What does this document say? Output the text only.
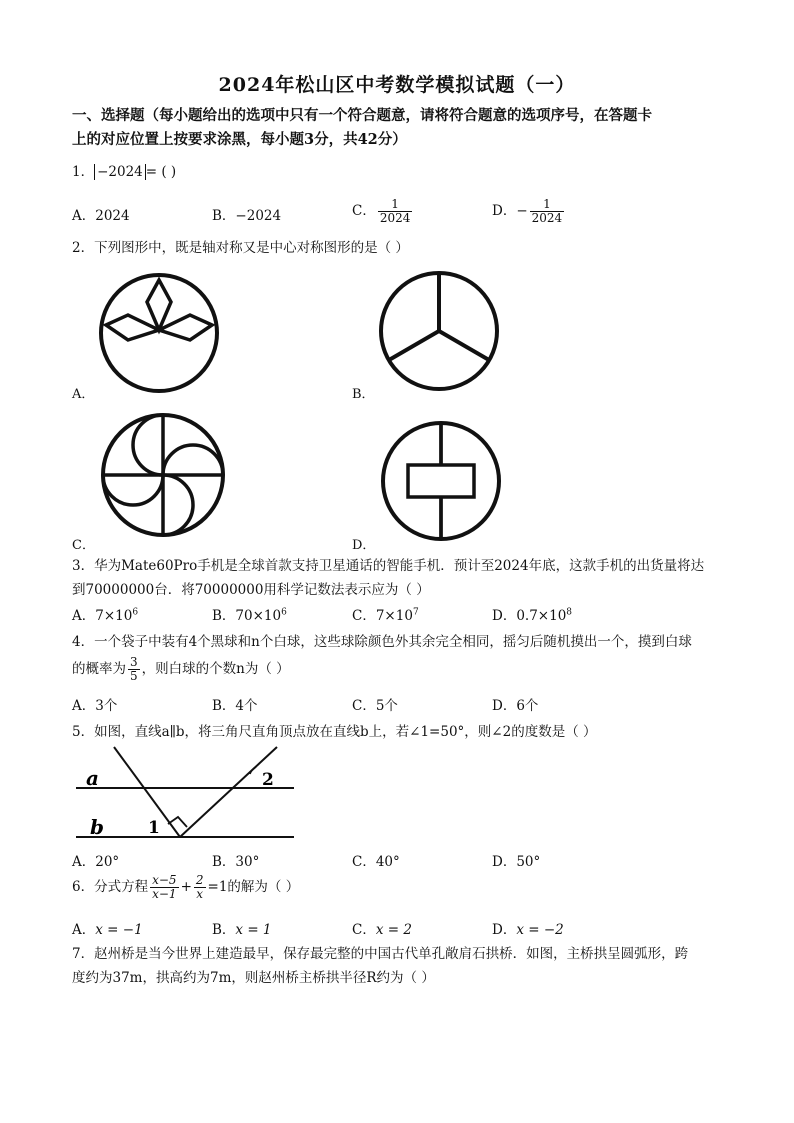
2024年松山区中考数学模拟试题（一）
一、选择题（每小题给出的选项中只有一个符合题意，请将符合题意的选项序号，在答题卡
上的对应位置上按要求涂黑，每小题3分，共42分）
1． −2024 = ( )
A．2024	B．−2024	C． $\frac{1}{2024}$	D．− $\frac{1}{2024}$
2．下列图形中，既是轴对称又是中心对称图形的是（ ）
A．	B．
C．	D．
3．华为Mate60Pro手机是全球首款支持卫星通话的智能手机．预计至2024年底，这款手机的出货量将达
到70000000台．将70000000用科学记数法表示应为（ ）
A．$7\times 10^6$	B．$70\times 10^6$	C．$7\times 10^7$	D．$0.7\times 10^8$
4．一个袋子中装有4个黑球和n个白球，这些球除颜色外其余完全相同，摇匀后随机摸出一个，摸到白球
的概率为 $\frac{3}{5}$ ，则白球的个数n为（ ）
A．3个	B．4个	C．5个	D．6个
5．如图，直线a∥b，将三角尺直角顶点放在直线b上，若∠1=50°，则∠2的度数是（ ）
a
b	1
2
A．20°	B．30°	C．40°	D．50°
6．分式方程 $\frac{x-5}{x-1} + \frac{2}{x} =1$的解为（ ）
A．x = −1	B．x = 1	C．x = 2	D．x = −2
7．赵州桥是当今世界上建造最早，保存最完整的中国古代单孔敞肩石拱桥．如图，主桥拱呈圆弧形，跨
度约为37m，拱高约为7m，则赵州桥主桥拱半径R约为（ ）
